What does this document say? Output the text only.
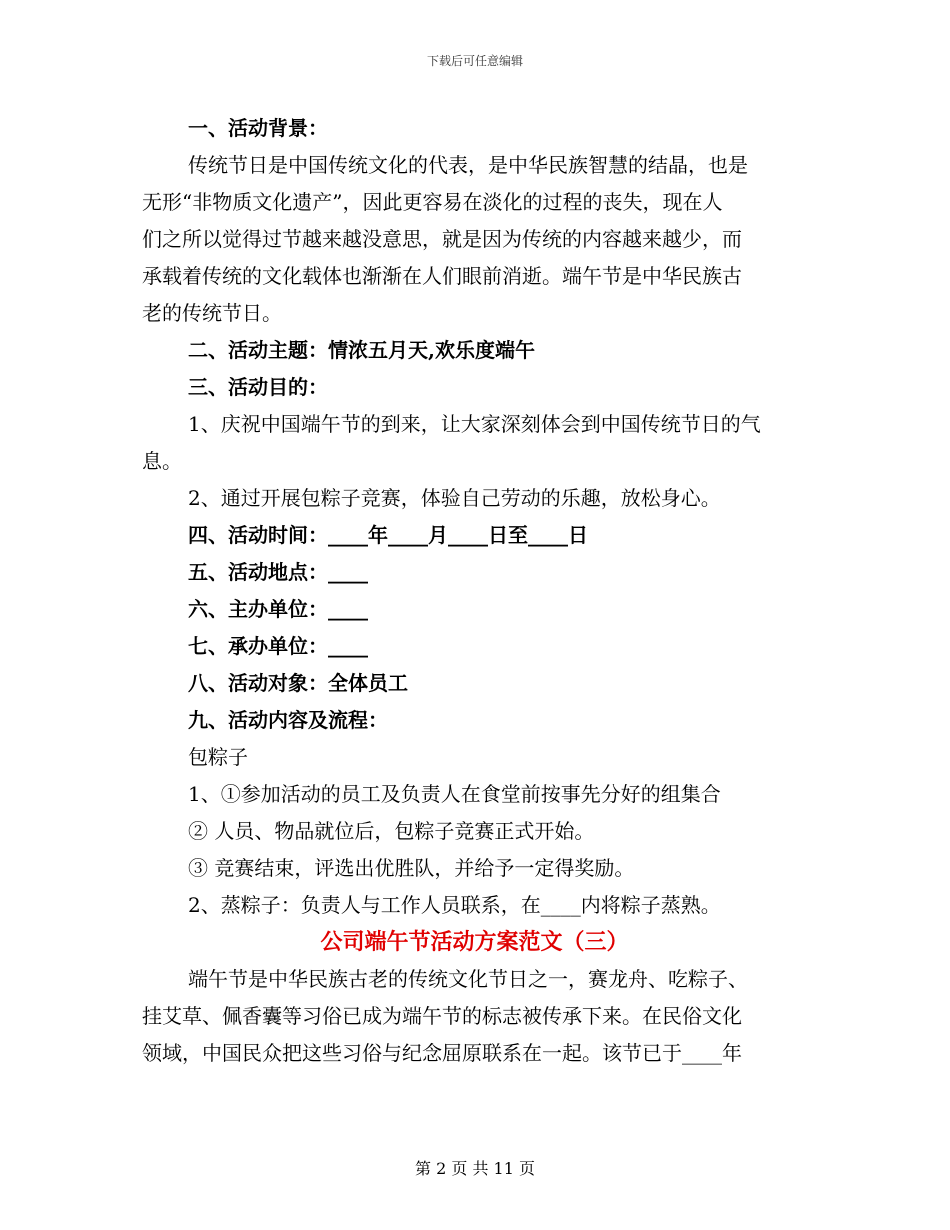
下载后可任意编辑
一、活动背景：
传统节日是中国传统文化的代表，是中华民族智慧的结晶，也是
无形“非物质文化遗产”，因此更容易在淡化的过程的丧失，现在人
们之所以觉得过节越来越没意思，就是因为传统的内容越来越少，而
承载着传统的文化载体也渐渐在人们眼前消逝。端午节是中华民族古
老的传统节日。
二、活动主题：情浓五月天,欢乐度端午
三、活动目的：
1、庆祝中国端午节的到来，让大家深刻体会到中国传统节日的气
息。
2、通过开展包粽子竞赛，体验自己劳动的乐趣，放松身心。
四、活动时间：____年____月____日至____日
五、活动地点：____
六、主办单位：____
七、承办单位：____
八、活动对象：全体员工
九、活动内容及流程：
包粽子
1、①参加活动的员工及负责人在食堂前按事先分好的组集合
② 人员、物品就位后，包粽子竞赛正式开始。
③ 竞赛结束，评选出优胜队，并给予一定得奖励。
2、蒸粽子：负责人与工作人员联系，在____内将粽子蒸熟。
公司端午节活动方案范文（三）
端午节是中华民族古老的传统文化节日之一，赛龙舟、吃粽子、
挂艾草、佩香囊等习俗已成为端午节的标志被传承下来。在民俗文化
领域，中国民众把这些习俗与纪念屈原联系在一起。该节已于____年
第 2 页 共 11 页
